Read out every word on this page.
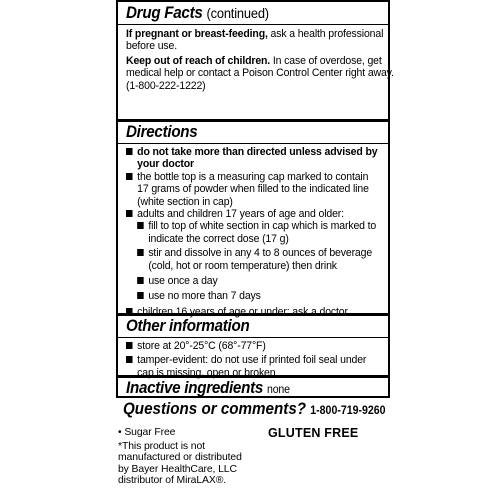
Drug Facts (continued)
If pregnant or breast-feeding, ask a health professional
before use.
Keep out of reach of children. In case of overdose, get
medical help or contact a Poison Control Center right away.
(1-800-222-1222)
Directions
do not take more than directed unless advised by
your doctor
the bottle top is a measuring cap marked to contain
17 grams of powder when filled to the indicated line
(white section in cap)
adults and children 17 years of age and older:
fill to top of white section in cap which is marked to
indicate the correct dose (17 g)
stir and dissolve in any 4 to 8 ounces of beverage
(cold, hot or room temperature) then drink
use once a day
use no more than 7 days
children 16 years of age or under: ask a doctor
Other information
store at 20°-25°C (68°-77°F)
tamper-evident: do not use if printed foil seal under
cap is missing, open or broken
Inactive ingredients none
Questions or comments? 1-800-719-9260
• Sugar Free
*This product is not
manufactured or distributed
by Bayer HealthCare, LLC
distributor of MiraLAX®.
GLUTEN FREE
